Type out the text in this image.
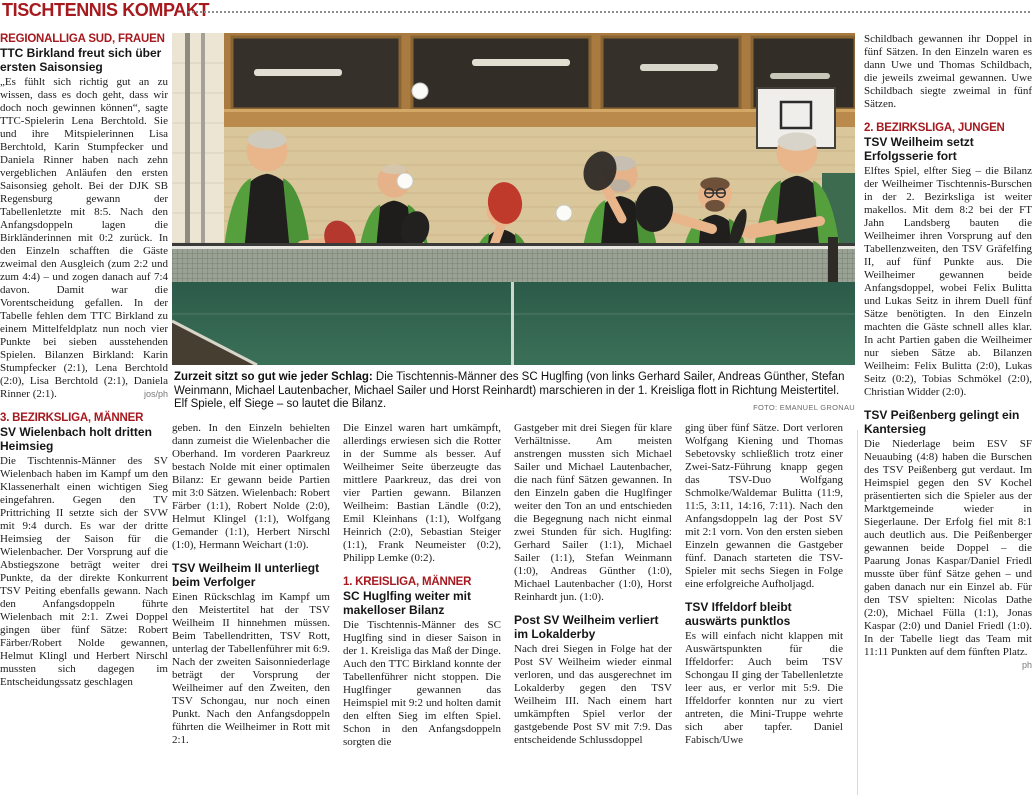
TISCHTENNIS KOMPAKT
REGIONALLIGA SÜD, FRAUEN
TTC Birkland freut sich über ersten Saisonsieg
„Es fühlt sich richtig gut an zu wissen, dass es doch geht, dass wir doch noch gewinnen können“, sagte TTC-Spielerin Lena Berchtold. Sie und ihre Mitspielerinnen Lisa Berchtold, Karin Stumpfecker und Daniela Rinner haben nach zehn vergeblichen Anläufen den ersten Saisonsieg geholt. Bei der DJK SB Regensburg gewann der Tabellenletzte mit 8:5. Nach den Anfangsdoppeln lagen die Birkländerinnen mit 0:2 zurück. In den Einzeln schafften die Gäste zweimal den Ausgleich (zum 2:2 und zum 4:4) – und zogen danach auf 7:4 davon. Damit war die Vorentscheidung gefallen. In der Tabelle fehlen dem TTC Birkland zu einem Mittelfeldplatz nun noch vier Punkte bei sieben ausstehenden Spielen. Bilanzen Birkland: Karin Stumpfecker (2:1), Lena Berchtold (2:0), Lisa Berchtold (2:1), Daniela Rinner (2:1).	jos/ph
3. BEZIRKSLIGA, MÄNNER
SV Wielenbach holt dritten Heimsieg
Die Tischtennis-Männer des SV Wielenbach haben im Kampf um den Klassenerhalt einen wichtigen Sieg eingefahren. Gegen den TV Prittriching II setzte sich der SVW mit 9:4 durch. Es war der dritte Heimsieg der Saison für die Wielenbacher. Der Vorsprung auf die Abstiegszone beträgt weiter drei Punkte, da der direkte Konkurrent TSV Peiting ebenfalls gewann. Nach den Anfangsdoppeln führte Wielenbach mit 2:1. Zwei Doppel gingen über fünf Sätze: Robert Färber/Robert Nolde gewannen, Helmut Klingl und Herbert Nirschl mussten sich dagegen im Entscheidungssatz geschlagen
Zurzeit sitzt so gut wie jeder Schlag: Die Tischtennis-Männer des SC Huglfing (von links Gerhard Sailer, Andreas Günther, Stefan Weinmann, Michael Lautenbacher, Michael Sailer und Horst Reinhardt) marschieren in der 1. Kreisliga flott in Richtung Meistertitel. Elf Spiele, elf Siege – so lautet die Bilanz.	FOTO: EMANUEL GRONAU
geben. In den Einzeln behielten dann zumeist die Wielenbacher die Oberhand. Im vorderen Paarkreuz bestach Nolde mit einer optimalen Bilanz: Er gewann beide Partien mit 3:0 Sätzen. Wielenbach: Robert Färber (1:1), Robert Nolde (2:0), Helmut Klingel (1:1), Wolfgang Gemander (1:1), Herbert Nirschl (1:0), Hermann Weichart (1:0).
TSV Weilheim II unterliegt beim Verfolger
Einen Rückschlag im Kampf um den Meistertitel hat der TSV Weilheim II hinnehmen müssen. Beim Tabellendritten, TSV Rott, unterlag der Tabellenführer mit 6:9. Nach der zweiten Saisonniederlage beträgt der Vorsprung der Weilheimer auf den Zweiten, den TSV Schongau, nur noch einen Punkt. Nach den Anfangsdoppeln führten die Weilheimer in Rott mit 2:1.
Die Einzel waren hart umkämpft, allerdings erwiesen sich die Rotter in der Summe als besser. Auf Weilheimer Seite überzeugte das mittlere Paarkreuz, das drei von vier Partien gewann. Bilanzen Weilheim: Bastian Ländle (0:2), Emil Kleinhans (1:1), Wolfgang Heinrich (2:0), Sebastian Steiger (1:1), Frank Neumeister (0:2), Philipp Lemke (0:2).
1. KREISLIGA, MÄNNER
SC Huglfing weiter mit makelloser Bilanz
Die Tischtennis-Männer des SC Huglfing sind in dieser Saison in der 1. Kreisliga das Maß der Dinge. Auch den TTC Birkland konnte der Tabellenführer nicht stoppen. Die Huglfinger gewannen das Heimspiel mit 9:2 und holten damit den elften Sieg im elften Spiel. Schon in den Anfangsdoppeln sorgten die
Gastgeber mit drei Siegen für klare Verhältnisse. Am meisten anstrengen mussten sich Michael Sailer und Michael Lautenbacher, die nach fünf Sätzen gewannen. In den Einzeln gaben die Huglfinger weiter den Ton an und entschieden die Begegnung nach nicht einmal zwei Stunden für sich. Huglfing: Gerhard Sailer (1:1), Michael Sailer (1:1), Stefan Weinmann (1:0), Andreas Günther (1:0), Michael Lautenbacher (1:0), Horst Reinhardt jun. (1:0).
Post SV Weilheim verliert im Lokalderby
Nach drei Siegen in Folge hat der Post SV Weilheim wieder einmal verloren, und das ausgerechnet im Lokalderby gegen den TSV Weilheim III. Nach einem hart umkämpften Spiel verlor der gastgebende Post SV mit 7:9. Das entscheidende Schlussdoppel
ging über fünf Sätze. Dort verloren Wolfgang Kiening und Thomas Sebetovsky schließlich trotz einer Zwei-Satz-Führung knapp gegen das TSV-Duo Wolfgang Schmolke/Waldemar Bulitta (11:9, 11:5, 3:11, 14:16, 7:11). Nach den Anfangsdoppeln lag der Post SV mit 2:1 vorn. Von den ersten sieben Einzeln gewannen die Gastgeber fünf. Danach starteten die TSV-Spieler mit sechs Siegen in Folge eine erfolgreiche Aufholjagd.
TSV Iffeldorf bleibt auswärts punktlos
Es will einfach nicht klappen mit Auswärtspunkten für die Iffeldorfer: Auch beim TSV Schongau II ging der Tabellenletzte leer aus, er verlor mit 5:9. Die Iffeldorfer konnten nur zu viert antreten, die Mini-Truppe wehrte sich aber tapfer. Daniel Fabisch/Uwe
Schildbach gewannen ihr Doppel in fünf Sätzen. In den Einzeln waren es dann Uwe und Thomas Schildbach, die jeweils zweimal gewannen. Uwe Schildbach siegte zweimal in fünf Sätzen.
2. BEZIRKSLIGA, JUNGEN
TSV Weilheim setzt Erfolgsserie fort
Elftes Spiel, elfter Sieg – die Bilanz der Weilheimer Tischtennis-Burschen in der 2. Bezirksliga ist weiter makellos. Mit dem 8:2 bei der FT Jahn Landsberg bauten die Weilheimer ihren Vorsprung auf den Tabellenzweiten, den TSV Gräfelfing II, auf fünf Punkte aus. Die Weilheimer gewannen beide Anfangsdoppel, wobei Felix Bulitta und Lukas Seitz in ihrem Duell fünf Sätze benötigten. In den Einzeln machten die Gäste schnell alles klar. In acht Partien gaben die Weilheimer nur sieben Sätze ab. Bilanzen Weilheim: Felix Bulitta (2:0), Lukas Seitz (0:2), Tobias Schmökel (2:0), Christian Widder (2:0).
TSV Peißenberg gelingt ein Kantersieg
Die Niederlage beim ESV SF Neuaubing (4:8) haben die Burschen des TSV Peißenberg gut verdaut. Im Heimspiel gegen den SV Kochel präsentierten sich die Spieler aus der Marktgemeinde wieder in Siegerlaune. Der Erfolg fiel mit 8:1 auch deutlich aus. Die Peißenberger gewannen beide Doppel – die Paarung Jonas Kaspar/Daniel Friedl musste über fünf Sätze gehen – und gaben danach nur ein Einzel ab. Für den TSV spielten: Nicolas Dathe (2:0), Michael Fülla (1:1), Jonas Kaspar (2:0) und Daniel Friedl (1:0). In der Tabelle liegt das Team mit 11:11 Punkten auf dem fünften Platz.
ph
